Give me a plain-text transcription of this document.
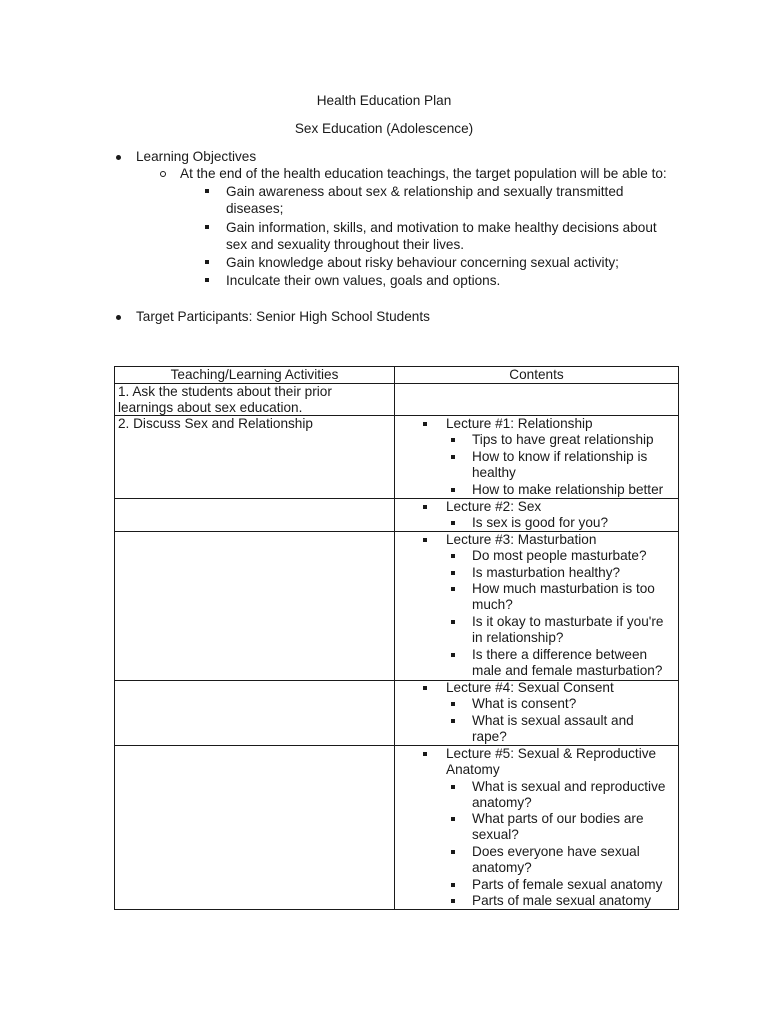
Health Education Plan
Sex Education (Adolescence)
Learning Objectives
At the end of the health education teachings, the target population will be able to:
Gain awareness about sex & relationship and sexually transmitted
diseases;
Gain information, skills, and motivation to make healthy decisions about
sex and sexuality throughout their lives.
Gain knowledge about risky behaviour concerning sexual activity;
Inculcate their own values, goals and options.
Target Participants: Senior High School Students
Teaching/Learning Activities	Contents
1. Ask the students about their prior
learnings about sex education.
2. Discuss Sex and Relationship	Lecture #1: Relationship
Tips to have great relationship
How to know if relationship is
healthy
How to make relationship better
Lecture #2: Sex
Is sex is good for you?
Lecture #3: Masturbation
Do most people masturbate?
Is masturbation healthy?
How much masturbation is too
much?
Is it okay to masturbate if you're
in relationship?
Is there a difference between
male and female masturbation?
Lecture #4: Sexual Consent
What is consent?
What is sexual assault and
rape?
Lecture #5: Sexual & Reproductive
Anatomy
What is sexual and reproductive
anatomy?
What parts of our bodies are
sexual?
Does everyone have sexual
anatomy?
Parts of female sexual anatomy
Parts of male sexual anatomy
